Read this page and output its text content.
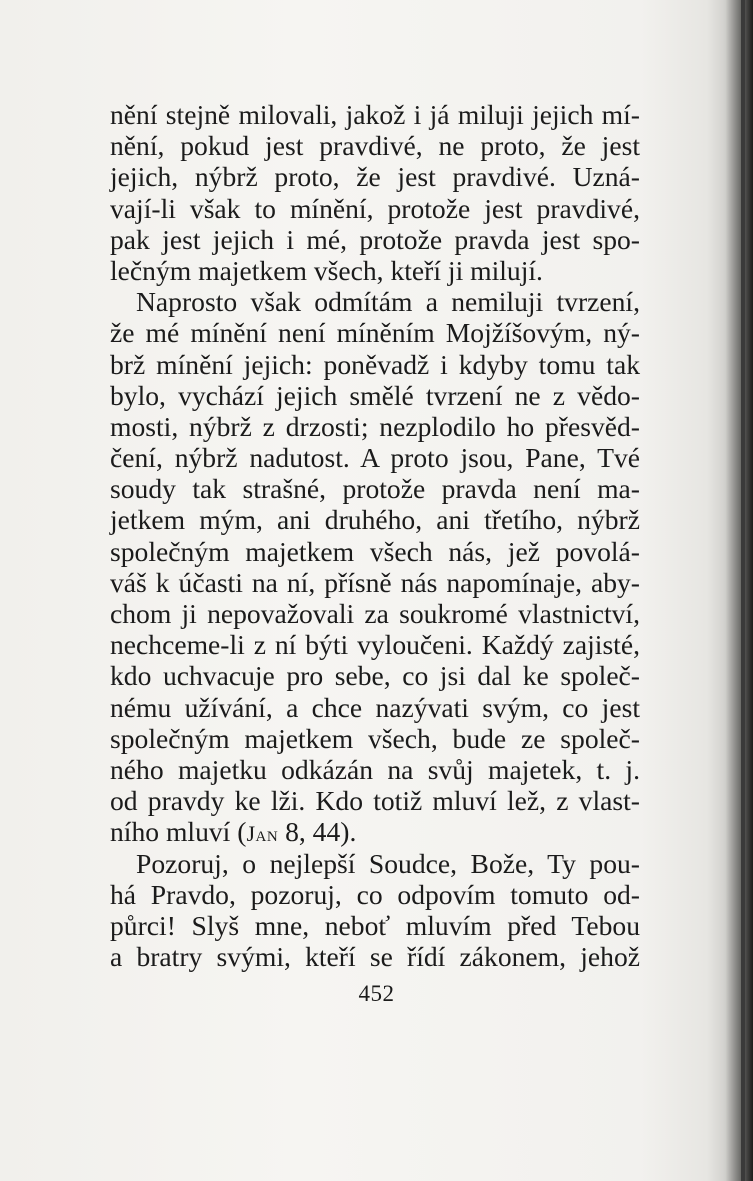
nění stejně milovali, jakož i já miluji jejich mí-
nění, pokud jest pravdivé, ne proto, že jest
jejich, nýbrž proto, že jest pravdivé. Uzná-
vají-li však to mínění, protože jest pravdivé,
pak jest jejich i mé, protože pravda jest spo-
lečným majetkem všech, kteří ji milují.
Naprosto však odmítám a nemiluji tvrzení,
že mé mínění není míněním Mojžíšovým, ný-
brž mínění jejich: poněvadž i kdyby tomu tak
bylo, vychází jejich smělé tvrzení ne z vědo-
mosti, nýbrž z drzosti; nezplodilo ho přesvěd-
čení, nýbrž nadutost. A proto jsou, Pane, Tvé
soudy tak strašné, protože pravda není ma-
jetkem mým, ani druhého, ani třetího, nýbrž
společným majetkem všech nás, jež povolá-
váš k účasti na ní, přísně nás napomínaje, aby-
chom ji nepovažovali za soukromé vlastnictví,
nechceme-li z ní býti vyloučeni. Každý zajisté,
kdo uchvacuje pro sebe, co jsi dal ke společ-
nému užívání, a chce nazývati svým, co jest
společným majetkem všech, bude ze společ-
ného majetku odkázán na svůj majetek, t. j.
od pravdy ke lži. Kdo totiž mluví lež, z vlast-
ního mluví (Jan 8, 44).
Pozoruj, o nejlepší Soudce, Bože, Ty pou-
há Pravdo, pozoruj, co odpovím tomuto od-
půrci! Slyš mne, neboť mluvím před Tebou
a bratry svými, kteří se řídí zákonem, jehož
452
